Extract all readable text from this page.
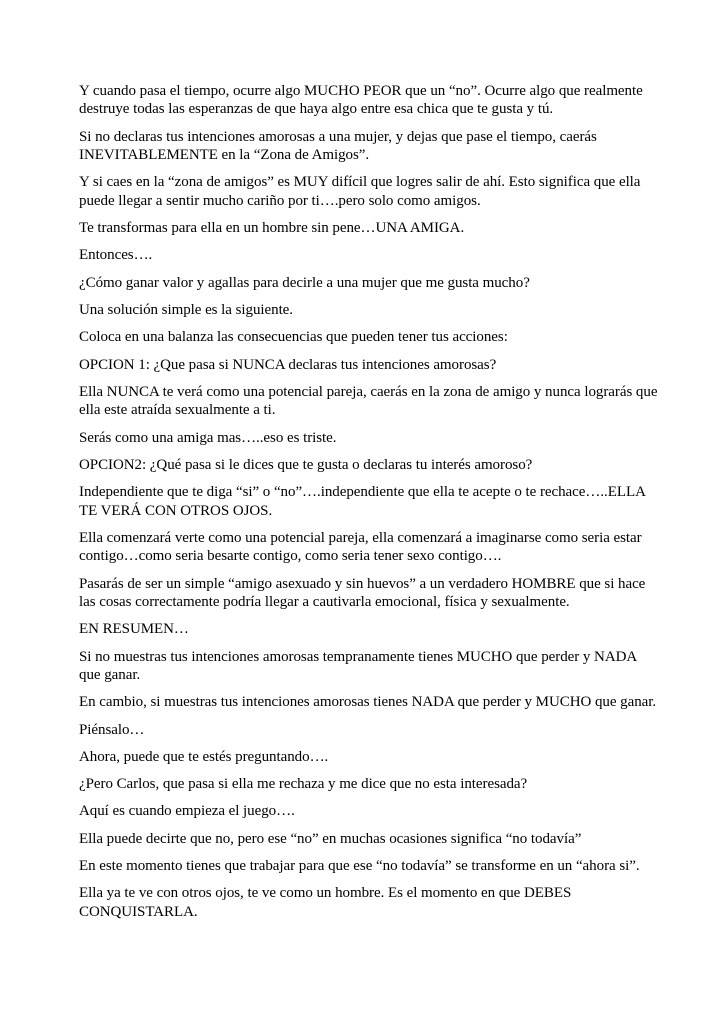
Y cuando pasa el tiempo, ocurre algo MUCHO PEOR que un “no”. Ocurre algo que realmente destruye todas las esperanzas de que haya algo entre esa chica que te gusta y tú.

Si no declaras tus intenciones amorosas a una mujer, y dejas que pase el tiempo, caerás INEVITABLEMENTE en la “Zona de Amigos”.

Y si caes en la “zona de amigos” es MUY difícil que logres salir de ahí. Esto significa que ella puede llegar a sentir mucho cariño por ti….pero solo como amigos.

Te transformas para ella en un hombre sin pene…UNA AMIGA.

Entonces….

¿Cómo ganar valor y agallas para decirle a una mujer que me gusta mucho?

Una solución simple es la siguiente.

Coloca en una balanza las consecuencias que pueden tener tus acciones:

OPCION 1: ¿Que pasa si NUNCA declaras tus intenciones amorosas?

Ella NUNCA te verá como una potencial pareja, caerás en la zona de amigo y nunca lograrás que ella este atraída sexualmente a ti.

Serás como una amiga mas…..eso es triste.

OPCION2: ¿Qué pasa si le dices que te gusta o declaras tu interés amoroso?

Independiente que te diga “si” o “no”….independiente que ella te acepte o te rechace…..ELLA TE VERÁ CON OTROS OJOS.

Ella comenzará verte como una potencial pareja, ella comenzará a imaginarse como seria estar contigo…como seria besarte contigo, como seria tener sexo contigo….

Pasarás de ser un simple “amigo asexuado y sin huevos” a un verdadero HOMBRE que si hace las cosas correctamente podría llegar a cautivarla emocional, física y sexualmente.

EN RESUMEN…

Si no muestras tus intenciones amorosas tempranamente tienes MUCHO que perder y NADA que ganar.

En cambio, si muestras tus intenciones amorosas tienes NADA que perder y MUCHO que ganar.

Piénsalo…

Ahora, puede que te estés preguntando….

¿Pero Carlos, que pasa si ella me rechaza y me dice que no esta interesada?

Aquí es cuando empieza el juego….

Ella puede decirte que no, pero ese “no” en muchas ocasiones significa “no todavía”

En este momento tienes que trabajar para que ese “no todavía” se transforme en un “ahora si”.

Ella ya te ve con otros ojos, te ve como un hombre. Es el momento en que DEBES CONQUISTARLA.
